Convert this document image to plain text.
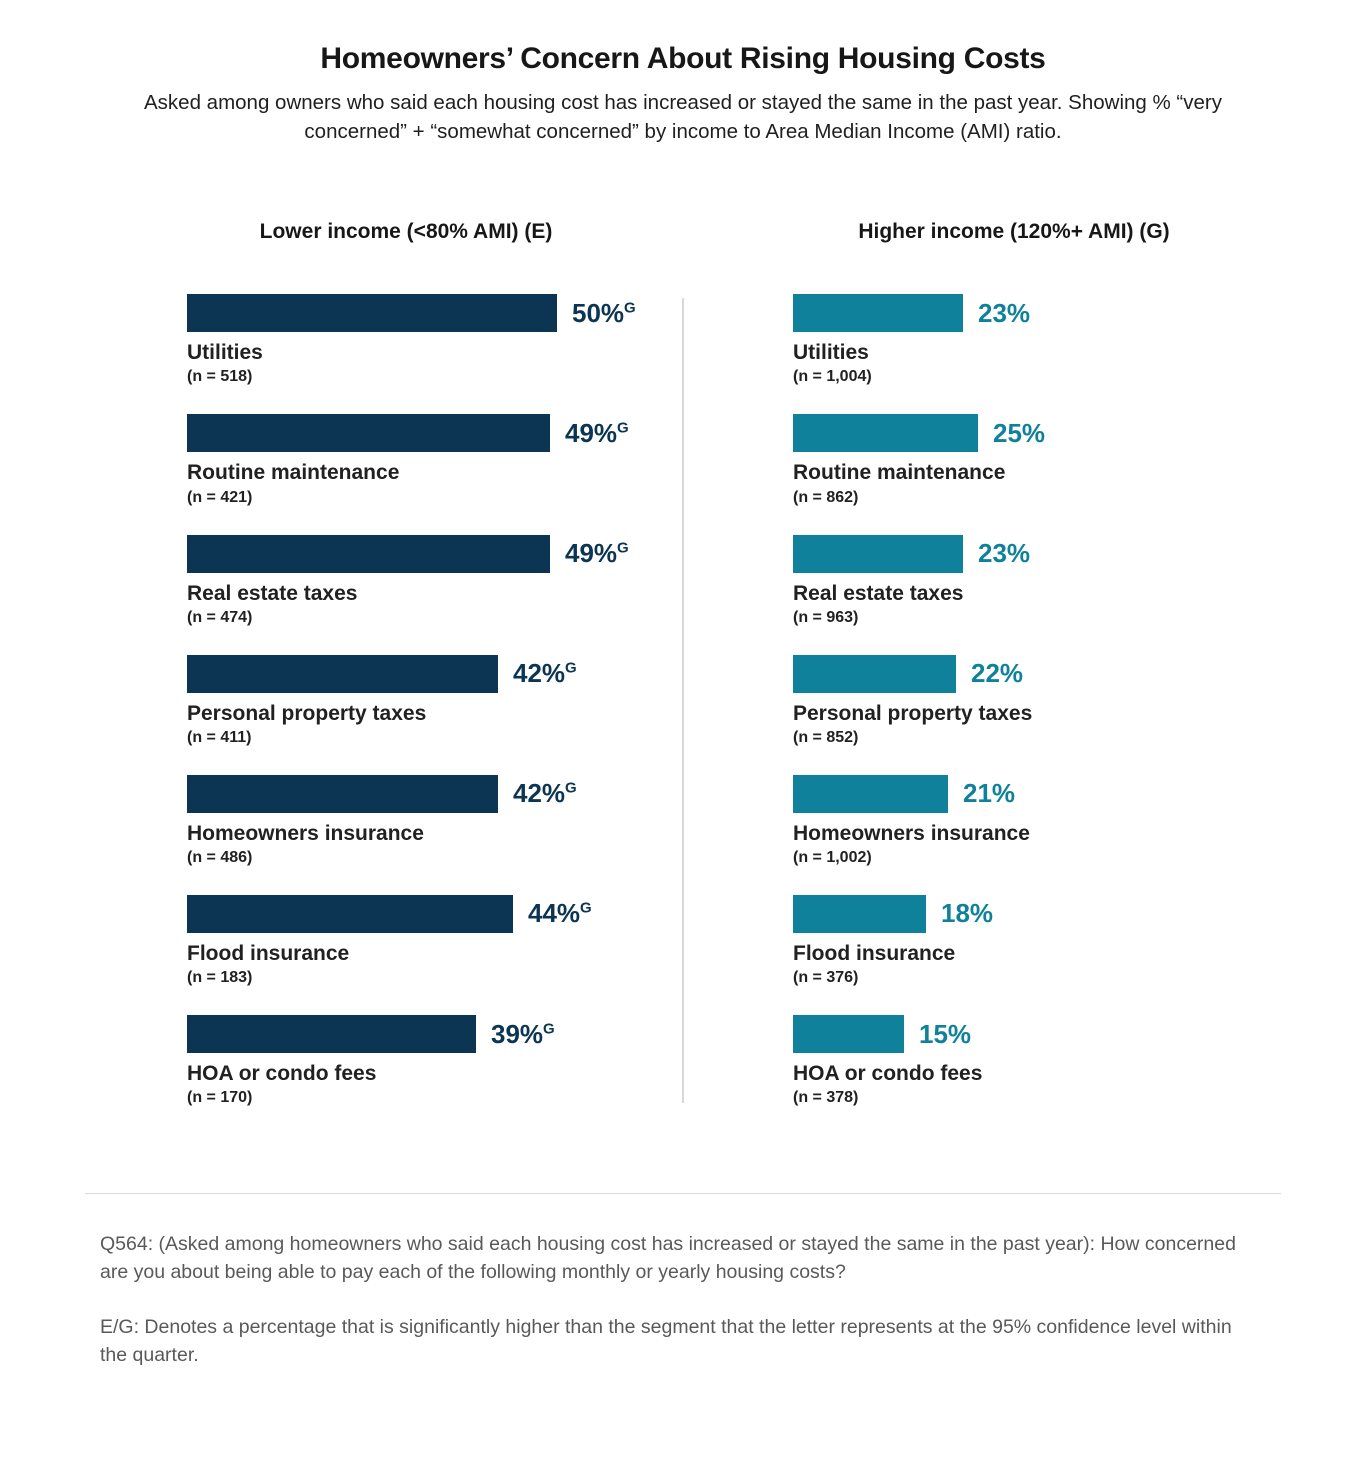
Homeowners’ Concern About Rising Housing Costs
Asked among owners who said each housing cost has increased or stayed the same in the past year. Showing % “very concerned” + “somewhat concerned” by income to Area Median Income (AMI) ratio.
Lower income (<80% AMI) (E)	Higher income (120%+ AMI) (G)
50%$^G$
Utilities
(n = 518)
49%$^G$
Routine maintenance
(n = 421)
49%$^G$
Real estate taxes
(n = 474)
42%$^G$
Personal property taxes
(n = 411)
42%$^G$
Homeowners insurance
(n = 486)
44%$^G$
Flood insurance
(n = 183)
39%$^G$
HOA or condo fees
(n = 170)
23%
Utilities
(n = 1,004)
25%
Routine maintenance
(n = 862)
23%
Real estate taxes
(n = 963)
22%
Personal property taxes
(n = 852)
21%
Homeowners insurance
(n = 1,002)
18%
Flood insurance
(n = 376)
15%
HOA or condo fees
(n = 378)

Q564: (Asked among homeowners who said each housing cost has increased or stayed the same in the past year): How concerned are you about being able to pay each of the following monthly or yearly housing costs?

E/G: Denotes a percentage that is significantly higher than the segment that the letter represents at the 95% confidence level within the quarter.
